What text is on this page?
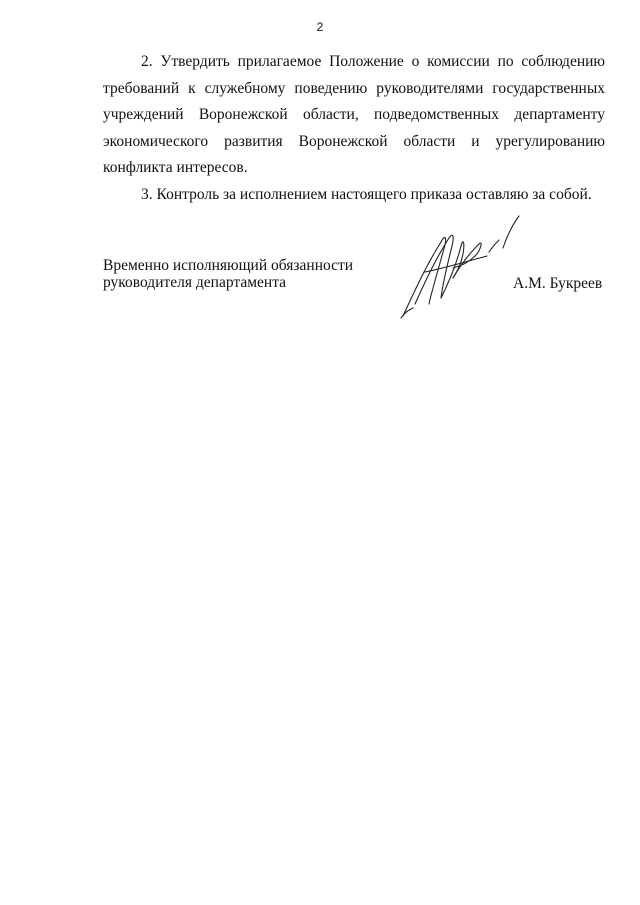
2

2. Утвердить прилагаемое Положение о комиссии по соблюдению требований к служебному поведению руководителями государственных учреждений Воронежской области, подведомственных департаменту экономического развития Воронежской области и урегулированию конфликта интересов.

3. Контроль за исполнением настоящего приказа оставляю за собой.

Временно исполняющий обязанности
руководителя департамента	А.М. Букреев
